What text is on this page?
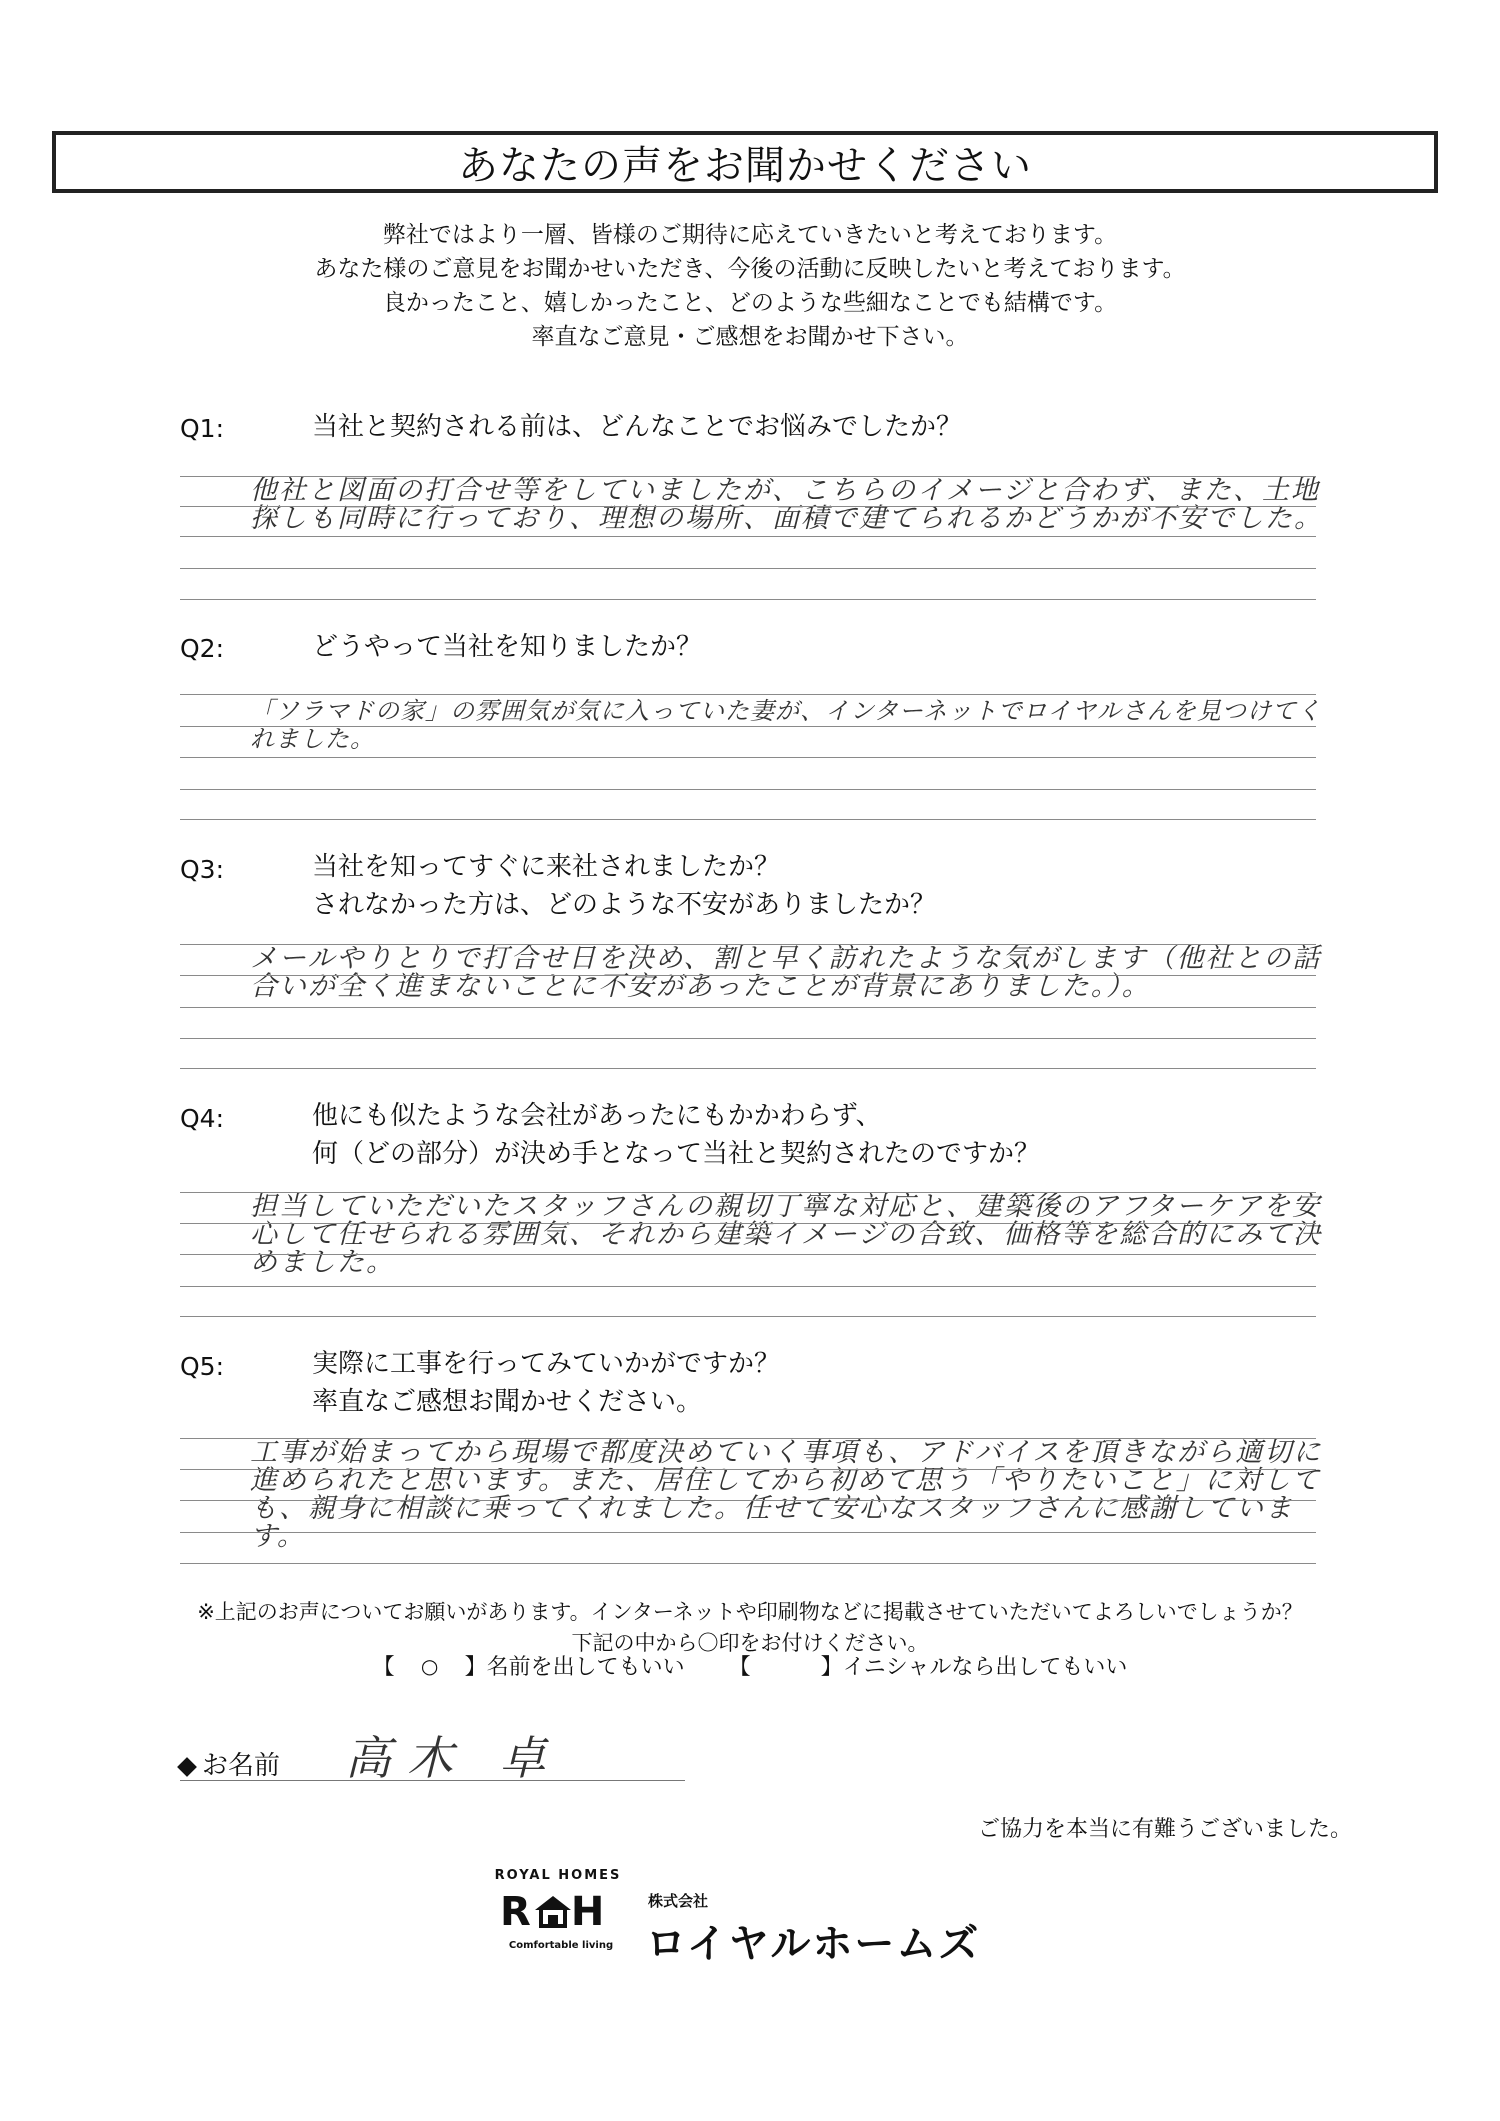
あなたの声をお聞かせください
弊社ではより一層、皆様のご期待に応えていきたいと考えております。
あなた様のご意見をお聞かせいただき、今後の活動に反映したいと考えております。
良かったこと、嬉しかったこと、どのような些細なことでも結構です。
率直なご意見・ご感想をお聞かせ下さい。
Q1:	当社と契約される前は、どんなことでお悩みでしたか？
他社と図面の打合せ等をしていましたが、こちらのイメージと合わず、また、土地探しも同時に行っており、理想の場所、面積で建てられるかどうかが不安でした。
Q2:	どうやって当社を知りましたか？
「ソラマドの家」の雰囲気が気に入っていた妻が、インターネットでロイヤルさんを見つけてくれました。
Q3:	当社を知ってすぐに来社されましたか？
されなかった方は、どのような不安がありましたか？
メールやりとりで打合せ日を決め、割と早く訪れたような気がします（他社との話合いが全く進まないことに不安があったことが背景にありました。）。
Q4:	他にも似たような会社があったにもかかわらず、
何（どの部分）が決め手となって当社と契約されたのですか？
担当していただいたスタッフさんの親切丁寧な対応と、建築後のアフターケアを安心して任せられる雰囲気、それから建築イメージの合致、価格等を総合的にみて決めました。
Q5:	実際に工事を行ってみていかがですか？
率直なご感想お聞かせください。
工事が始まってから現場で都度決めていく事項も、アドバイスを頂きながら適切に進められたと思います。また、居住してから初めて思う「やりたいこと」に対しても、親身に相談に乗ってくれました。任せて安心なスタッフさんに感謝しています。
※上記のお声についてお願いがあります。インターネットや印刷物などに掲載させていただいてよろしいでしょうか？
下記の中から〇印をお付けください。
【	○	】 名前を出してもいい 【	】 イニシャルなら出してもいい
お名前 高木 卓
ご協力を本当に有難うございました。
ROYAL HOMES
R H
Comfortable living
株式会社
ロイヤルホームズ
